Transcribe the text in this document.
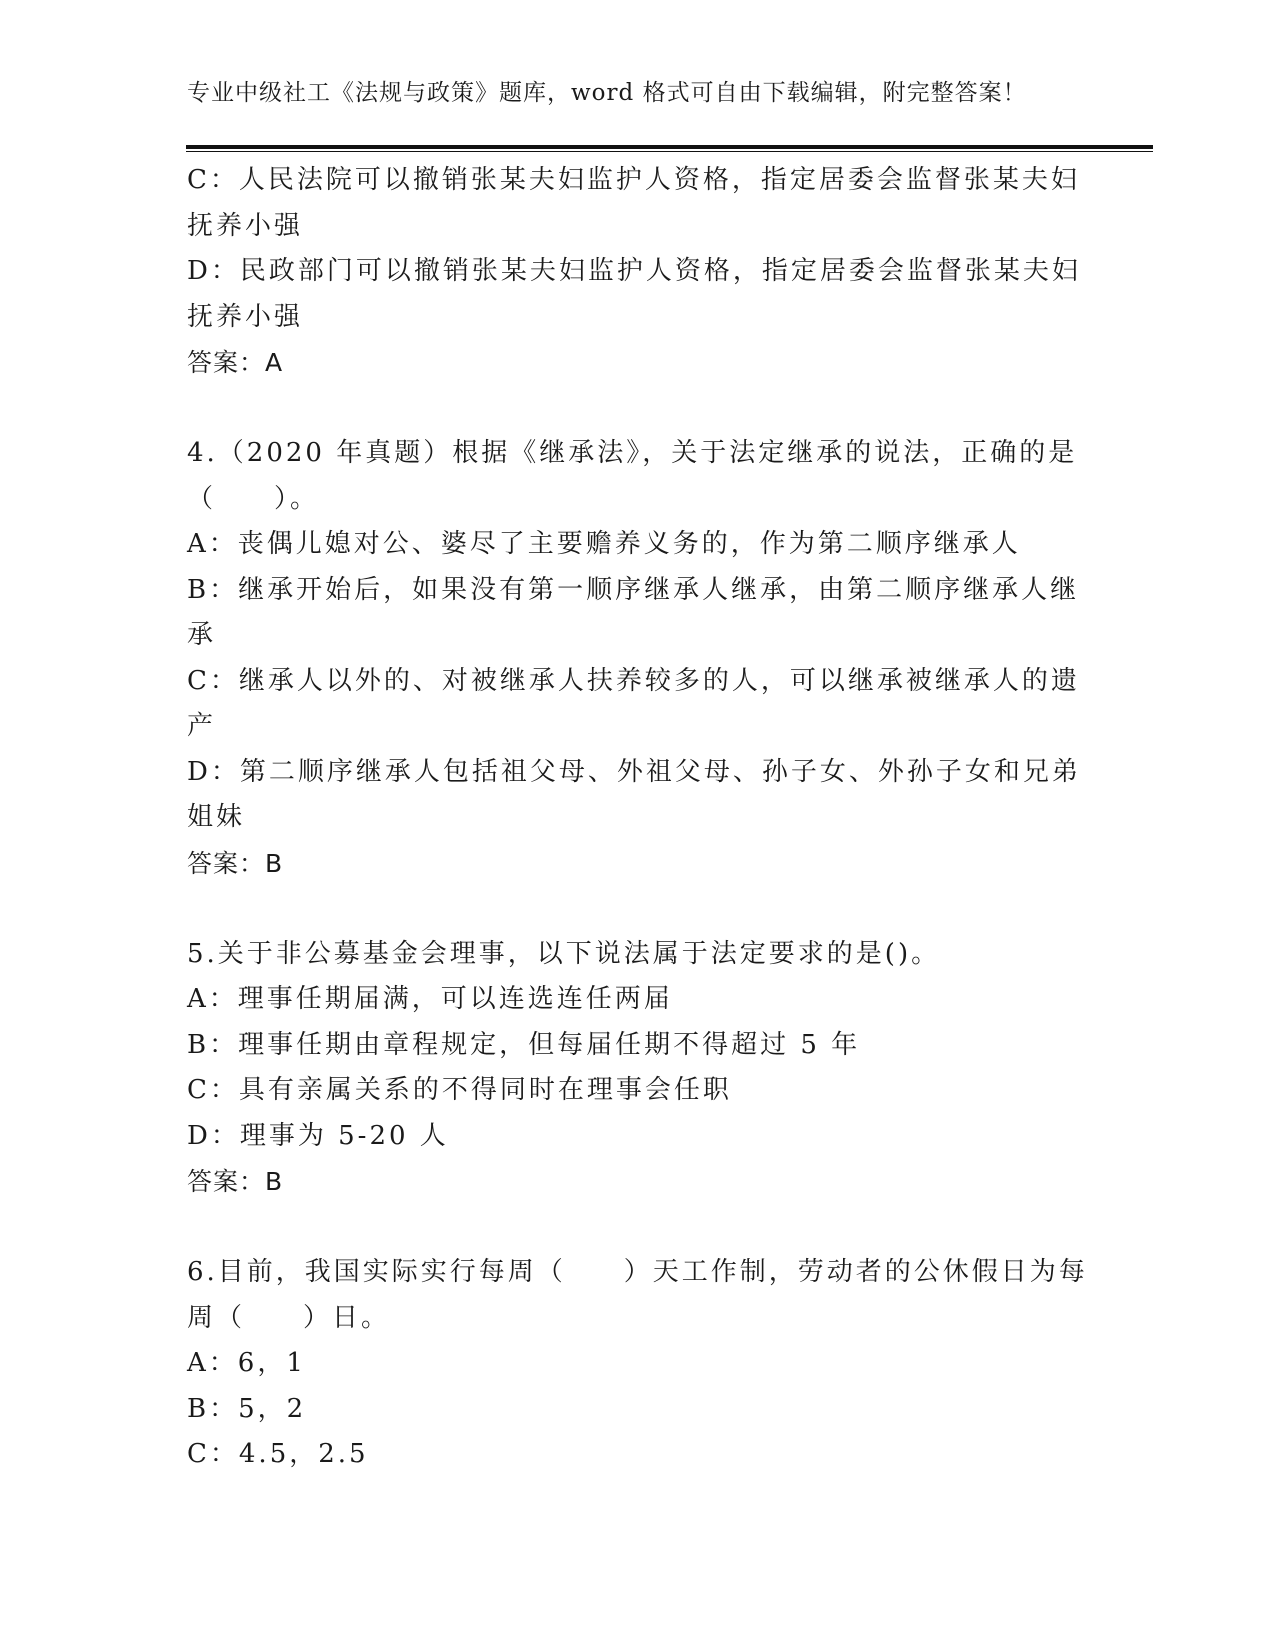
专业中级社工《法规与政策》题库，word 格式可自由下载编辑，附完整答案！
C：人民法院可以撤销张某夫妇监护人资格，指定居委会监督张某夫妇
抚养小强
D：民政部门可以撤销张某夫妇监护人资格，指定居委会监督张某夫妇
抚养小强
答案：A
4.（2020 年真题）根据《继承法》，关于法定继承的说法，正确的是
（　　）。
A：丧偶儿媳对公、婆尽了主要赡养义务的，作为第二顺序继承人
B：继承开始后，如果没有第一顺序继承人继承，由第二顺序继承人继
承
C：继承人以外的、对被继承人扶养较多的人，可以继承被继承人的遗
产
D：第二顺序继承人包括祖父母、外祖父母、孙子女、外孙子女和兄弟
姐妹
答案：B
5.关于非公募基金会理事，以下说法属于法定要求的是()。
A：理事任期届满，可以连选连任两届
B：理事任期由章程规定，但每届任期不得超过 5 年
C：具有亲属关系的不得同时在理事会任职
D：理事为 5-20 人
答案：B
6.目前，我国实际实行每周（　　）天工作制，劳动者的公休假日为每
周（　　）日。
A：6，1
B：5，2
C：4.5，2.5
